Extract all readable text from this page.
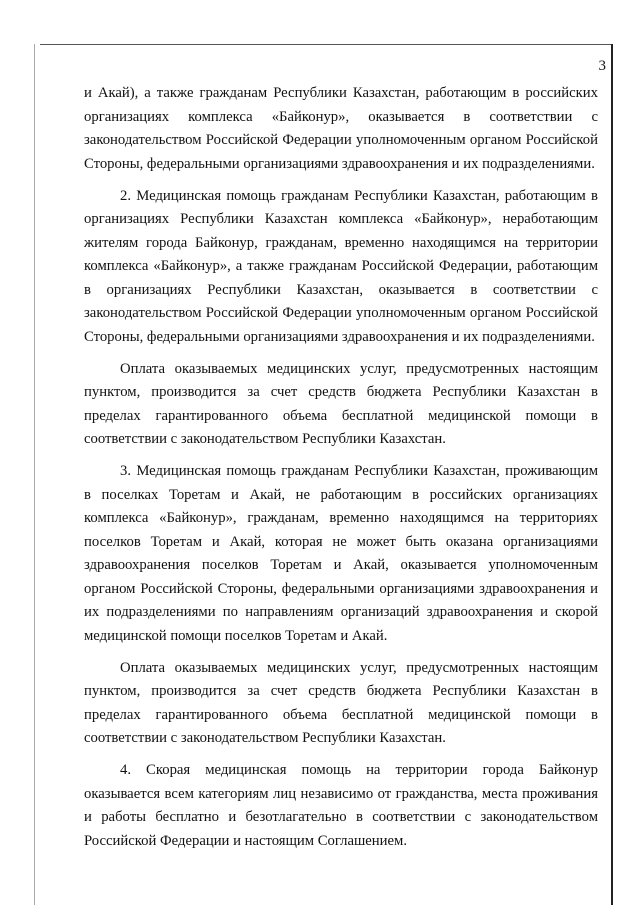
3

и Акай), а также гражданам Республики Казахстан, работающим в российских организациях комплекса «Байконур», оказывается в соответствии с законодательством Российской Федерации уполномоченным органом Российской Стороны, федеральными организациями здравоохранения и их подразделениями.

2. Медицинская помощь гражданам Республики Казахстан, работающим в организациях Республики Казахстан комплекса «Байконур», неработающим жителям города Байконур, гражданам, временно находящимся на территории комплекса «Байконур», а также гражданам Российской Федерации, работающим в организациях Республики Казахстан, оказывается в соответствии с законодательством Российской Федерации уполномоченным органом Российской Стороны, федеральными организациями здравоохранения и их подразделениями.

Оплата оказываемых медицинских услуг, предусмотренных настоящим пунктом, производится за счет средств бюджета Республики Казахстан в пределах гарантированного объема бесплатной медицинской помощи в соответствии с законодательством Республики Казахстан.

3. Медицинская помощь гражданам Республики Казахстан, проживающим в поселках Торетам и Акай, не работающим в российских организациях комплекса «Байконур», гражданам, временно находящимся на территориях поселков Торетам и Акай, которая не может быть оказана организациями здравоохранения поселков Торетам и Акай, оказывается уполномоченным органом Российской Стороны, федеральными организациями здравоохранения и их подразделениями по направлениям организаций здравоохранения и скорой медицинской помощи поселков Торетам и Акай.

Оплата оказываемых медицинских услуг, предусмотренных настоящим пунктом, производится за счет средств бюджета Республики Казахстан в пределах гарантированного объема бесплатной медицинской помощи в соответствии с законодательством Республики Казахстан.

4. Скорая медицинская помощь на территории города Байконур оказывается всем категориям лиц независимо от гражданства, места проживания и работы бесплатно и безотлагательно в соответствии с законодательством Российской Федерации и настоящим Соглашением.
